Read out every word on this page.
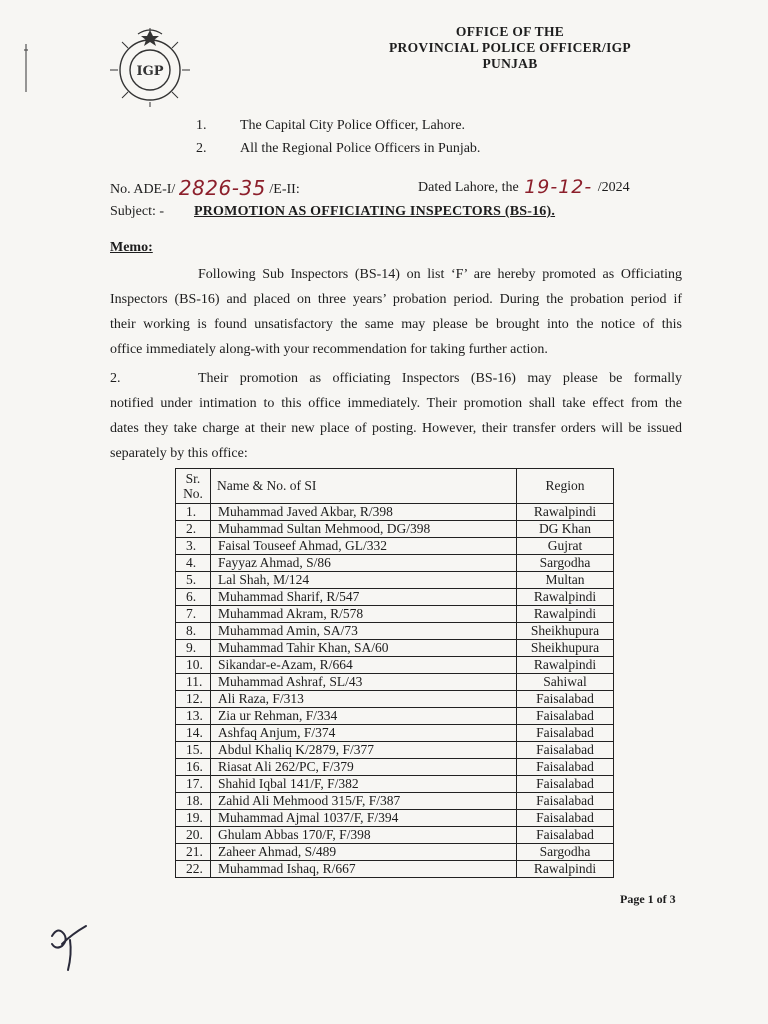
IGP
OFFICE OF THE
PROVINCIAL POLICE OFFICER/IGP
PUNJAB
1. The Capital City Police Officer, Lahore.
2. All the Regional Police Officers in Punjab.
No. ADE-I/ 2826-35 /E-II:	Dated Lahore, the 19-12- /2024
Subject: - PROMOTION AS OFFICIATING INSPECTORS (BS-16).
Memo:
Following Sub Inspectors (BS-14) on list ‘F’ are hereby promoted as Officiating
Inspectors (BS-16) and placed on three years’ probation period. During the probation period if
their working is found unsatisfactory the same may please be brought into the notice of this
office immediately along-with your recommendation for taking further action.
2.	Their promotion as officiating Inspectors (BS-16) may please be formally
notified under intimation to this office immediately. Their promotion shall take effect from the
dates they take charge at their new place of posting. However, their transfer orders will be issued
separately by this office:
Sr.
No.	Name & No. of SI	Region
1.	Muhammad Javed Akbar, R/398	Rawalpindi
2.	Muhammad Sultan Mehmood, DG/398	DG Khan
3.	Faisal Touseef Ahmad, GL/332	Gujrat
4.	Fayyaz Ahmad, S/86	Sargodha
5.	Lal Shah, M/124	Multan
6.	Muhammad Sharif, R/547	Rawalpindi
7.	Muhammad Akram, R/578	Rawalpindi
8.	Muhammad Amin, SA/73	Sheikhupura
9.	Muhammad Tahir Khan, SA/60	Sheikhupura
10.	Sikandar-e-Azam, R/664	Rawalpindi
11.	Muhammad Ashraf, SL/43	Sahiwal
12.	Ali Raza, F/313	Faisalabad
13.	Zia ur Rehman, F/334	Faisalabad
14.	Ashfaq Anjum, F/374	Faisalabad
15.	Abdul Khaliq K/2879, F/377	Faisalabad
16.	Riasat Ali 262/PC, F/379	Faisalabad
17.	Shahid Iqbal 141/F, F/382	Faisalabad
18.	Zahid Ali Mehmood 315/F, F/387	Faisalabad
19.	Muhammad Ajmal 1037/F, F/394	Faisalabad
20.	Ghulam Abbas 170/F, F/398	Faisalabad
21.	Zaheer Ahmad, S/489	Sargodha
22.	Muhammad Ishaq, R/667	Rawalpindi
Page 1 of 3
